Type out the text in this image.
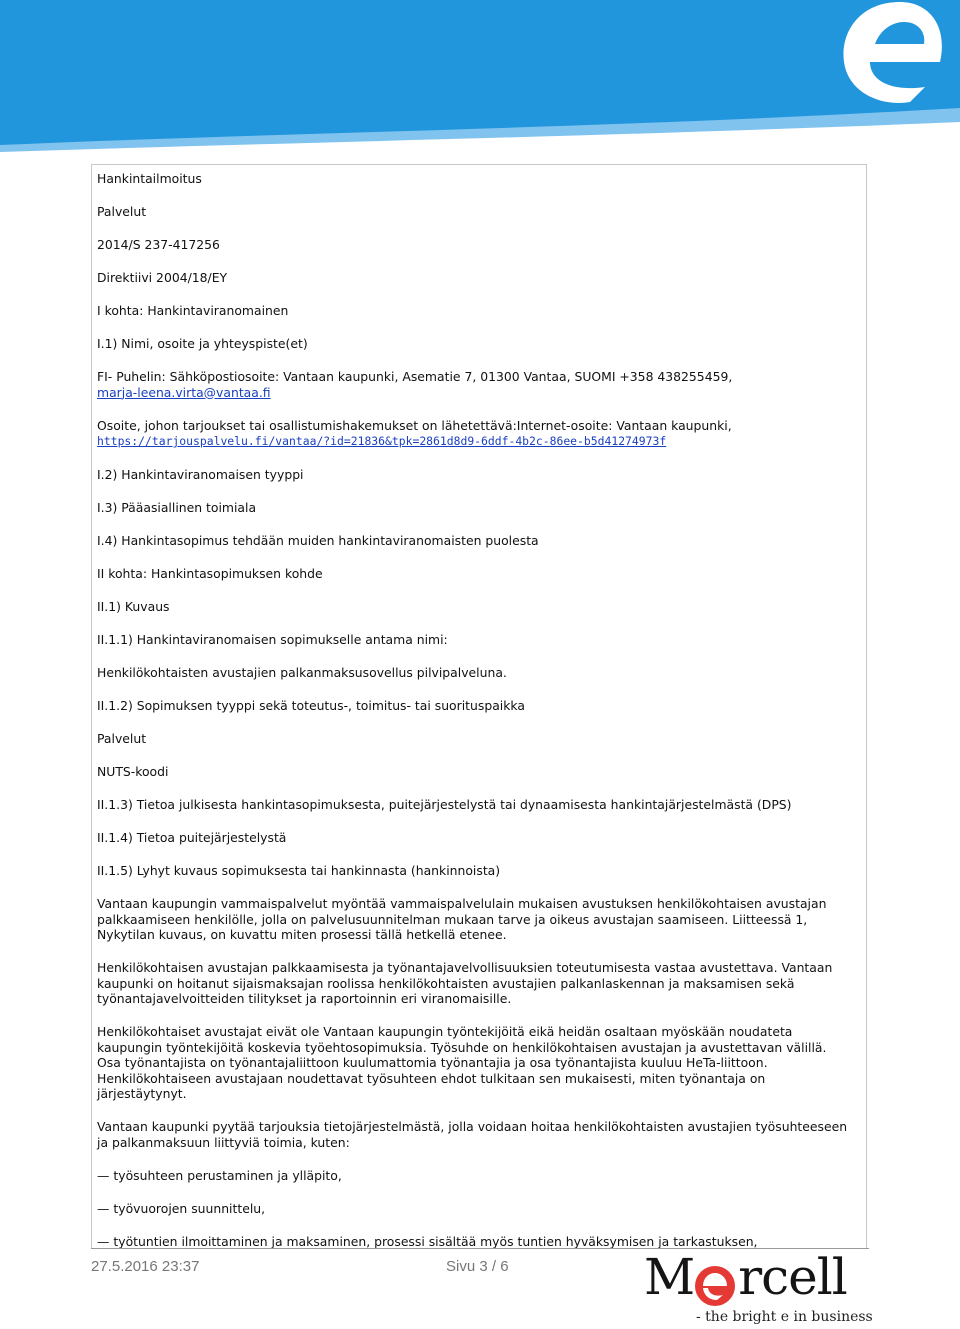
Hankintailmoitus

Palvelut

2014/S 237-417256

Direktiivi 2004/18/EY

I kohta: Hankintaviranomainen

I.1) Nimi, osoite ja yhteyspiste(et)

FI- Puhelin: Sähköpostiosoite: Vantaan kaupunki, Asematie 7, 01300 Vantaa, SUOMI +358 438255459,
marja-leena.virta@vantaa.fi

Osoite, johon tarjoukset tai osallistumishakemukset on lähetettävä:Internet-osoite: Vantaan kaupunki,
https://tarjouspalvelu.fi/vantaa/?id=21836&tpk=2861d8d9-6ddf-4b2c-86ee-b5d41274973f

I.2) Hankintaviranomaisen tyyppi

I.3) Pääasiallinen toimiala

I.4) Hankintasopimus tehdään muiden hankintaviranomaisten puolesta

II kohta: Hankintasopimuksen kohde

II.1) Kuvaus

II.1.1) Hankintaviranomaisen sopimukselle antama nimi:

Henkilökohtaisten avustajien palkanmaksusovellus pilvipalveluna.

II.1.2) Sopimuksen tyyppi sekä toteutus-, toimitus- tai suorituspaikka

Palvelut

NUTS-koodi

II.1.3) Tietoa julkisesta hankintasopimuksesta, puitejärjestelystä tai dynaamisesta hankintajärjestelmästä (DPS)

II.1.4) Tietoa puitejärjestelystä

II.1.5) Lyhyt kuvaus sopimuksesta tai hankinnasta (hankinnoista)

Vantaan kaupungin vammaispalvelut myöntää vammaispalvelulain mukaisen avustuksen henkilökohtaisen avustajan palkkaamiseen henkilölle, jolla on palvelusuunnitelman mukaan tarve ja oikeus avustajan saamiseen. Liitteessä 1, Nykytilan kuvaus, on kuvattu miten prosessi tällä hetkellä etenee.

Henkilökohtaisen avustajan palkkaamisesta ja työnantajavelvollisuuksien toteutumisesta vastaa avustettava. Vantaan kaupunki on hoitanut sijaismaksajan roolissa henkilökohtaisten avustajien palkanlaskennan ja maksamisen sekä työnantajavelvoitteiden tilitykset ja raportoinnin eri viranomaisille.

Henkilökohtaiset avustajat eivät ole Vantaan kaupungin työntekijöitä eikä heidän osaltaan myöskään noudateta kaupungin työntekijöitä koskevia työehtosopimuksia. Työsuhde on henkilökohtaisen avustajan ja avustettavan välillä. Osa työnantajista on työnantajaliittoon kuulumattomia työnantajia ja osa työnantajista kuuluu HeTa-liittoon. Henkilökohtaiseen avustajaan noudettavat työsuhteen ehdot tulkitaan sen mukaisesti, miten työnantaja on järjestäytynyt.

Vantaan kaupunki pyytää tarjouksia tietojärjestelmästä, jolla voidaan hoitaa henkilökohtaisten avustajien työsuhteeseen ja palkanmaksuun liittyviä toimia, kuten:

— työsuhteen perustaminen ja ylläpito,

— työvuorojen suunnittelu,

— työtuntien ilmoittaminen ja maksaminen, prosessi sisältää myös tuntien hyväksymisen ja tarkastuksen,

27.5.2016 23:37	Sivu 3 / 6	M rcell
- the bright e in business
